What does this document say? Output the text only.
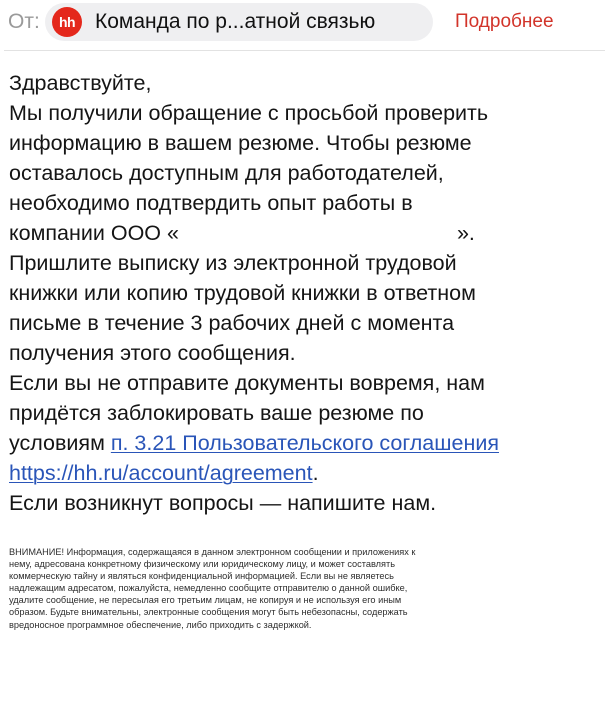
От:	hh Команда по р...атной связью	Подробнее
Здравствуйте,
Мы получили обращение с просьбой проверить
информацию в вашем резюме. Чтобы резюме
оставалось доступным для работодателей,
необходимо подтвердить опыт работы в
компании ООО «	».
Пришлите выписку из электронной трудовой
книжки или копию трудовой книжки в ответном
письме в течение 3 рабочих дней с момента
получения этого сообщения.
Если вы не отправите документы вовремя, нам
придётся заблокировать ваше резюме по
условиям п. 3.21 Пользовательского соглашения
https://hh.ru/account/agreement.
Если возникнут вопросы — напишите нам.
ВНИМАНИЕ! Информация, содержащаяся в данном электронном сообщении и приложениях к
нему, адресована конкретному физическому или юридическому лицу, и может составлять
коммерческую тайну и являться конфиденциальной информацией. Если вы не являетесь
надлежащим адресатом, пожалуйста, немедленно сообщите отправителю о данной ошибке,
удалите сообщение, не пересылая его третьим лицам, не копируя и не используя его иным
образом. Будьте внимательны, электронные сообщения могут быть небезопасны, содержать
вредоносное программное обеспечение, либо приходить с задержкой.
